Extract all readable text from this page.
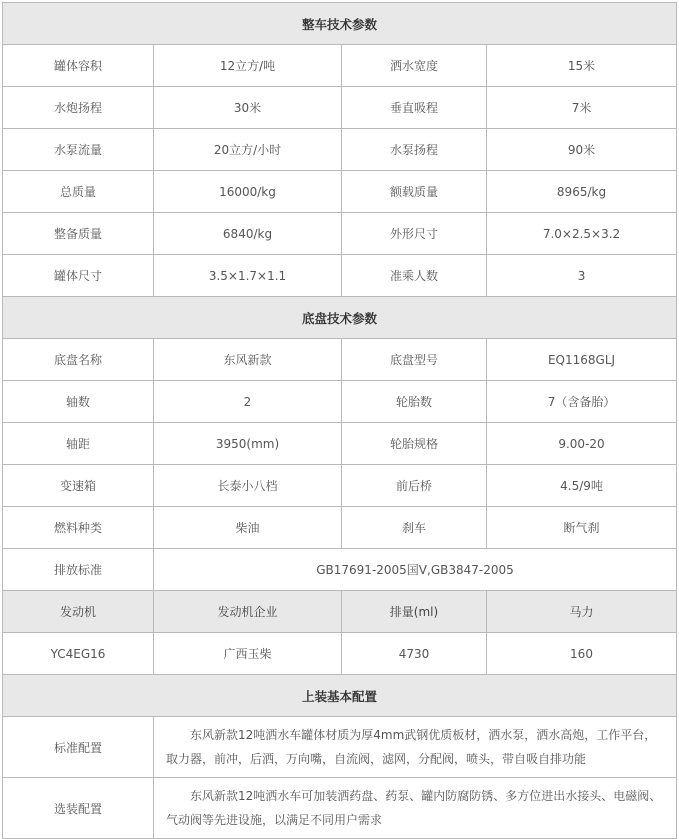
整车技术参数			
罐体容积	12立方/吨	洒水宽度	15米
水炮扬程	30米	垂直吸程	7米
水泵流量	20立方/小时	水泵扬程	90米
总质量	16000/kg	额载质量	8965/kg
整备质量	6840/kg	外形尺寸	7.0×2.5×3.2
罐体尺寸	3.5×1.7×1.1	准乘人数	3
底盘技术参数			
底盘名称	东风新款	底盘型号	EQ1168GLJ
轴数	2	轮胎数	7（含备胎）
轴距	3950(mm)	轮胎规格	9.00-20
变速箱	长泰小八档	前后桥	4.5/9吨
燃料种类	柴油	刹车	断气刹
排放标准	GB17691-2005国Ⅴ,GB3847-2005		
发动机	发动机企业	排量(ml)	马力
YC4EG16	广西玉柴	4730	160
上装基本配置			
标准配置	东风新款12吨洒水车罐体材质为厚4mm武钢优质板材，洒水泵，洒水高炮，工作平台，取力器，前冲，后洒，万向嘴，自流阀，滤网，分配阀，喷头，带自吸自排功能		

选装配置	东风新款12吨洒水车可加装洒药盘、药泵、罐内防腐防锈、多方位进出水接头、电磁阀、气动阀等先进设施，以满足不同用户需求		
